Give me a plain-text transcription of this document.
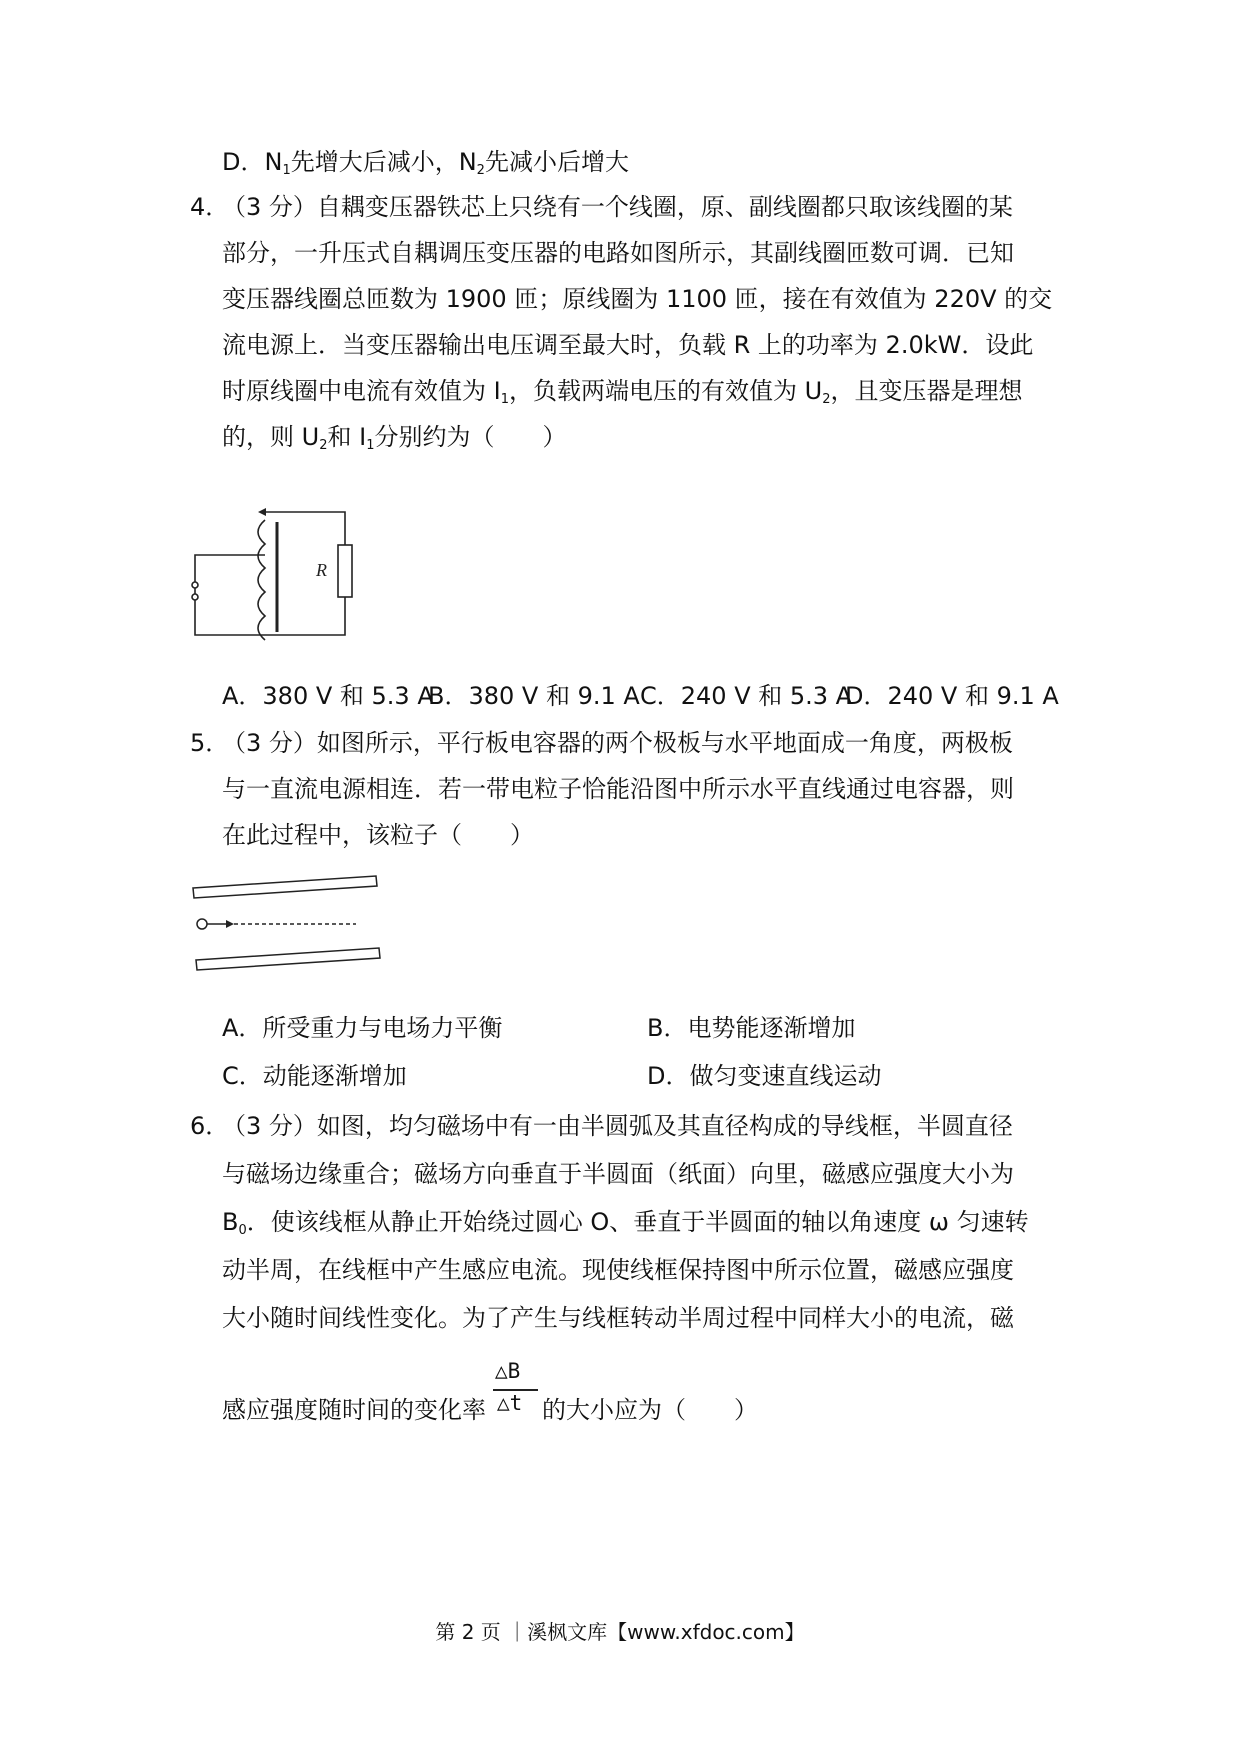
D．$N_1$先增大后减小，$N_2$先减小后增大
4．
（3 分）自耦变压器铁芯上只绕有一个线圈，原、副线圈都只取该线圈的某
部分，一升压式自耦调压变压器的电路如图所示，其副线圈匝数可调．已知
变压器线圈总匝数为 1900 匝；原线圈为 1100 匝，接在有效值为 220V 的交
流电源上．当变压器输出电压调至最大时，负载 R 上的功率为 2.0kW．设此
时原线圈中电流有效值为 $I_1$，负载两端电压的有效值为 $U_2$，且变压器是理想
的，则 $U_2$和 $I_1$分别约为（　　）
R
A．380 V 和 5.3 A
B．380 V 和 9.1 A C．240 V 和 5.3 A
D．240 V 和 9.1 A
5．
（3 分）如图所示，平行板电容器的两个极板与水平地面成一角度，两极板
与一直流电源相连．若一带电粒子恰能沿图中所示水平直线通过电容器，则
在此过程中，该粒子（　　）
A．所受重力与电场力平衡	B．电势能逐渐增加
C．动能逐渐增加	D．做匀变速直线运动
6．
（3 分）如图，均匀磁场中有一由半圆弧及其直径构成的导线框，半圆直径
与磁场边缘重合；磁场方向垂直于半圆面（纸面）向里，磁感应强度大小为
$B_0$．使该线框从静止开始绕过圆心 O、垂直于半圆面的轴以角速度 ω 匀速转
动半周，在线框中产生感应电流。现使线框保持图中所示位置，磁感应强度
大小随时间线性变化。为了产生与线框转动半周过程中同样大小的电流，磁
感应强度随时间的变化率
△B
△t 的大小应为（　　）
第 2 页 ｜溪枫文库【www.xfdoc.com】
